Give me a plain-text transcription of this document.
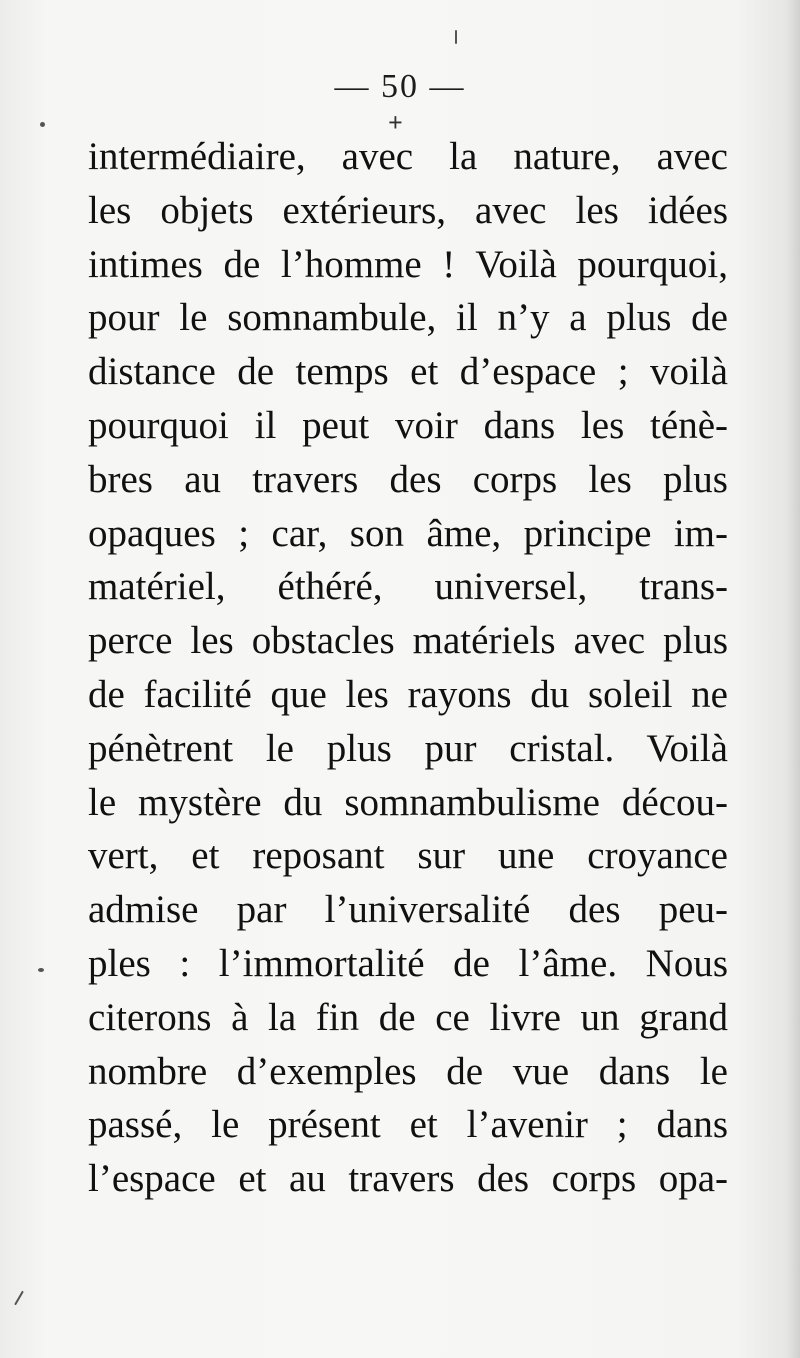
— 50 —
+
intermédiaire, avec la nature, avec
les objets extérieurs, avec les idées
intimes de l’homme ! Voilà pourquoi,
pour le somnambule, il n’y a plus de
distance de temps et d’espace ; voilà
pourquoi il peut voir dans les ténè-
bres au travers des corps les plus
opaques ; car, son âme, principe im-
matériel, éthéré, universel, trans-
perce les obstacles matériels avec plus
de facilité que les rayons du soleil ne
pénètrent le plus pur cristal. Voilà
le mystère du somnambulisme décou-
vert, et reposant sur une croyance
admise par l’universalité des peu-
ples : l’immortalité de l’âme. Nous
citerons à la fin de ce livre un grand
nombre d’exemples de vue dans le
passé, le présent et l’avenir ; dans
l’espace et au travers des corps opa-
